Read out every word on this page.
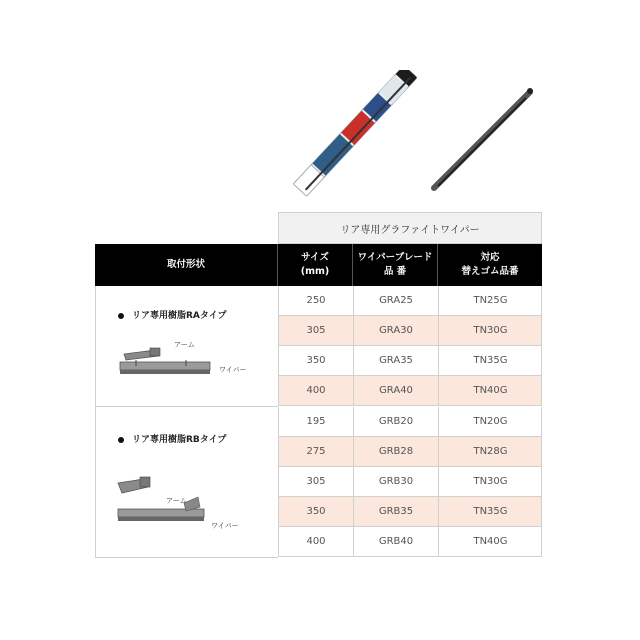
リア専用グラファイトワイパー
取付形状
サイズ
(mm)
ワイパーブレード
品 番
対応
替えゴム品番
リア専用樹脂RAタイプ
アーム
ワイパー
250	GRA25	TN25G
305	GRA30	TN30G
350	GRA35	TN35G
400	GRA40	TN40G
リア専用樹脂RBタイプ
アーム
ワイパー
195	GRB20	TN20G
275	GRB28	TN28G
305	GRB30	TN30G
350	GRB35	TN35G
400	GRB40	TN40G
